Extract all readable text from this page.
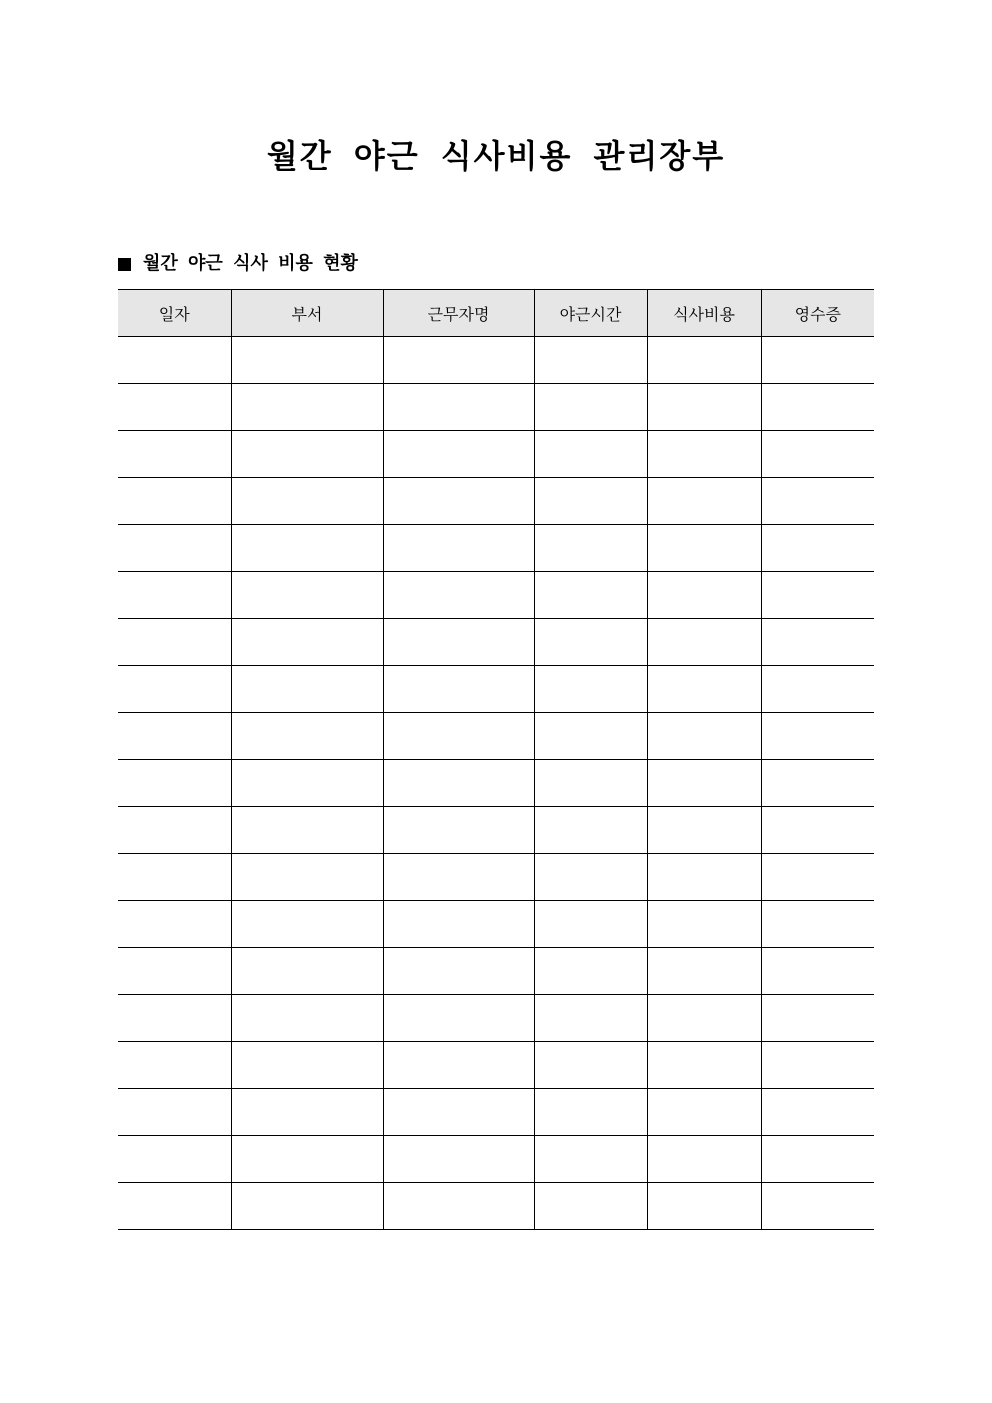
월간 야근 식사비용 관리장부
월간 야근 식사 비용 현황
일자	부서	근무자명	야근시간	식사비용	영수증
